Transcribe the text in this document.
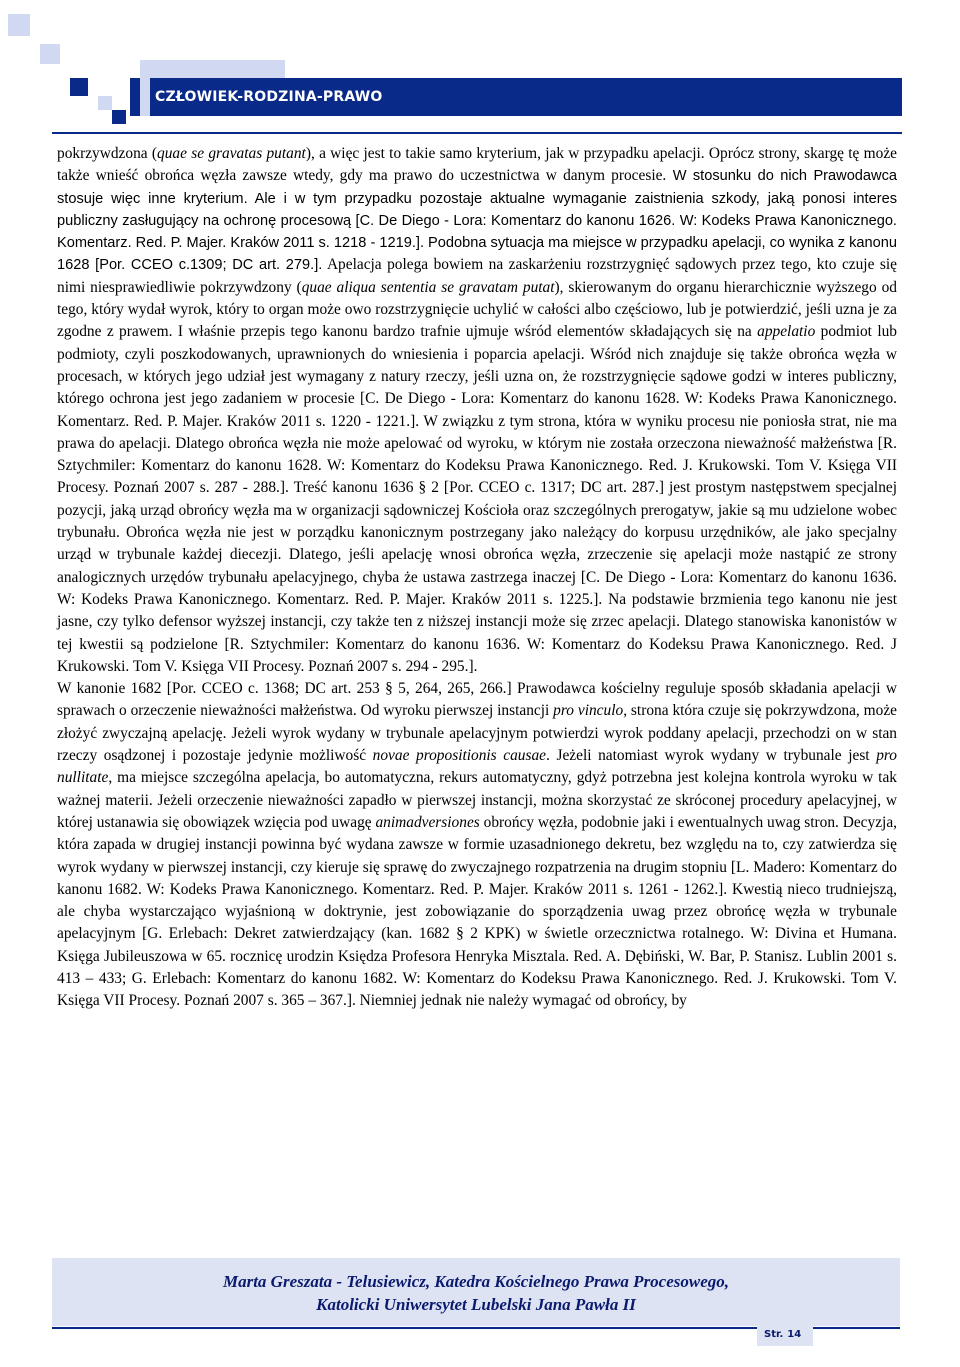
CZŁOWIEK-RODZINA-PRAWO

pokrzywdzona (quae se gravatas putant), a więc jest to takie samo kryterium, jak w przypadku apelacji. Oprócz strony, skargę tę może także wnieść obrońca węzła zawsze wtedy, gdy ma prawo do uczestnictwa w danym procesie. W stosunku do nich Prawodawca stosuje więc inne kryterium. Ale i w tym przypadku pozostaje aktualne wymaganie zaistnienia szkody, jaką ponosi interes publiczny zasługujący na ochronę procesową [C. De Diego - Lora: Komentarz do kanonu 1626. W: Kodeks Prawa Kanonicznego. Komentarz. Red. P. Majer. Kraków 2011 s. 1218 - 1219.]. Podobna sytuacja ma miejsce w przypadku apelacji, co wynika z kanonu 1628 [Por. CCEO c.1309; DC art. 279.]. Apelacja polega bowiem na zaskarżeniu rozstrzygnięć sądowych przez tego, kto czuje się nimi niesprawiedliwie pokrzywdzony (quae aliqua sententia se gravatam putat), skierowanym do organu hierarchicznie wyższego od tego, który wydał wyrok, który to organ może owo rozstrzygnięcie uchylić w całości albo częściowo, lub je potwierdzić, jeśli uzna je za zgodne z prawem. I właśnie przepis tego kanonu bardzo trafnie ujmuje wśród elementów składających się na appelatio podmiot lub podmioty, czyli poszkodowanych, uprawnionych do wniesienia i poparcia apelacji. Wśród nich znajduje się także obrońca węzła w procesach, w których jego udział jest wymagany z natury rzeczy, jeśli uzna on, że rozstrzygnięcie sądowe godzi w interes publiczny, którego ochrona jest jego zadaniem w procesie [C. De Diego - Lora: Komentarz do kanonu 1628. W: Kodeks Prawa Kanonicznego. Komentarz. Red. P. Majer. Kraków 2011 s. 1220 - 1221.]. W związku z tym strona, która w wyniku procesu nie poniosła strat, nie ma prawa do apelacji. Dlatego obrońca węzła nie może apelować od wyroku, w którym nie została orzeczona nieważność małżeństwa [R. Sztychmiler: Komentarz do kanonu 1628. W: Komentarz do Kodeksu Prawa Kanonicznego. Red. J. Krukowski. Tom V. Księga VII Procesy. Poznań 2007 s. 287 - 288.]. Treść kanonu 1636 § 2 [Por. CCEO c. 1317; DC art. 287.] jest prostym następstwem specjalnej pozycji, jaką urząd obrońcy węzła ma w organizacji sądowniczej Kościoła oraz szczególnych prerogatyw, jakie są mu udzielone wobec trybunału. Obrońca węzła nie jest w porządku kanonicznym postrzegany jako należący do korpusu urzędników, ale jako specjalny urząd w trybunale każdej diecezji. Dlatego, jeśli apelację wnosi obrońca węzła, zrzeczenie się apelacji może nastąpić ze strony analogicznych urzędów trybunału apelacyjnego, chyba że ustawa zastrzega inaczej [C. De Diego - Lora: Komentarz do kanonu 1636. W: Kodeks Prawa Kanonicznego. Komentarz. Red. P. Majer. Kraków 2011 s. 1225.]. Na podstawie brzmienia tego kanonu nie jest jasne, czy tylko defensor wyższej instancji, czy także ten z niższej instancji może się zrzec apelacji. Dlatego stanowiska kanonistów w tej kwestii są podzielone [R. Sztychmiler: Komentarz do kanonu 1636. W: Komentarz do Kodeksu Prawa Kanonicznego. Red. J Krukowski. Tom V. Księga VII Procesy. Poznań 2007 s. 294 - 295.].

W kanonie 1682 [Por. CCEO c. 1368; DC art. 253 § 5, 264, 265, 266.] Prawodawca kościelny reguluje sposób składania apelacji w sprawach o orzeczenie nieważności małżeństwa. Od wyroku pierwszej instancji pro vinculo, strona która czuje się pokrzywdzona, może złożyć zwyczajną apelację. Jeżeli wyrok wydany w trybunale apelacyjnym potwierdzi wyrok poddany apelacji, przechodzi on w stan rzeczy osądzonej i pozostaje jedynie możliwość novae propositionis causae. Jeżeli natomiast wyrok wydany w trybunale jest pro nullitate, ma miejsce szczególna apelacja, bo automatyczna, rekurs automatyczny, gdyż potrzebna jest kolejna kontrola wyroku w tak ważnej materii. Jeżeli orzeczenie nieważności zapadło w pierwszej instancji, można skorzystać ze skróconej procedury apelacyjnej, w której ustanawia się obowiązek wzięcia pod uwagę animadversiones obrońcy węzła, podobnie jaki i ewentualnych uwag stron. Decyzja, która zapada w drugiej instancji powinna być wydana zawsze w formie uzasadnionego dekretu, bez względu na to, czy zatwierdza się wyrok wydany w pierwszej instancji, czy kieruje się sprawę do zwyczajnego rozpatrzenia na drugim stopniu [L. Madero: Komentarz do kanonu 1682. W: Kodeks Prawa Kanonicznego. Komentarz. Red. P. Majer. Kraków 2011 s. 1261 - 1262.]. Kwestią nieco trudniejszą, ale chyba wystarczająco wyjaśnioną w doktrynie, jest zobowiązanie do sporządzenia uwag przez obrońcę węzła w trybunale apelacyjnym [G. Erlebach: Dekret zatwierdzający (kan. 1682 § 2 KPK) w świetle orzecznictwa rotalnego. W: Divina et Humana. Księga Jubileuszowa w 65. rocznicę urodzin Księdza Profesora Henryka Misztala. Red. A. Dębiński, W. Bar, P. Stanisz. Lublin 2001 s. 413 – 433; G. Erlebach: Komentarz do kanonu 1682. W: Komentarz do Kodeksu Prawa Kanonicznego. Red. J. Krukowski. Tom V. Księga VII Procesy. Poznań 2007 s. 365 – 367.]. Niemniej jednak nie należy wymagać od obrońcy, by

Marta Greszata - Telusiewicz, Katedra Kościelnego Prawa Procesowego,
Katolicki Uniwersytet Lubelski Jana Pawła II
Str. 14
